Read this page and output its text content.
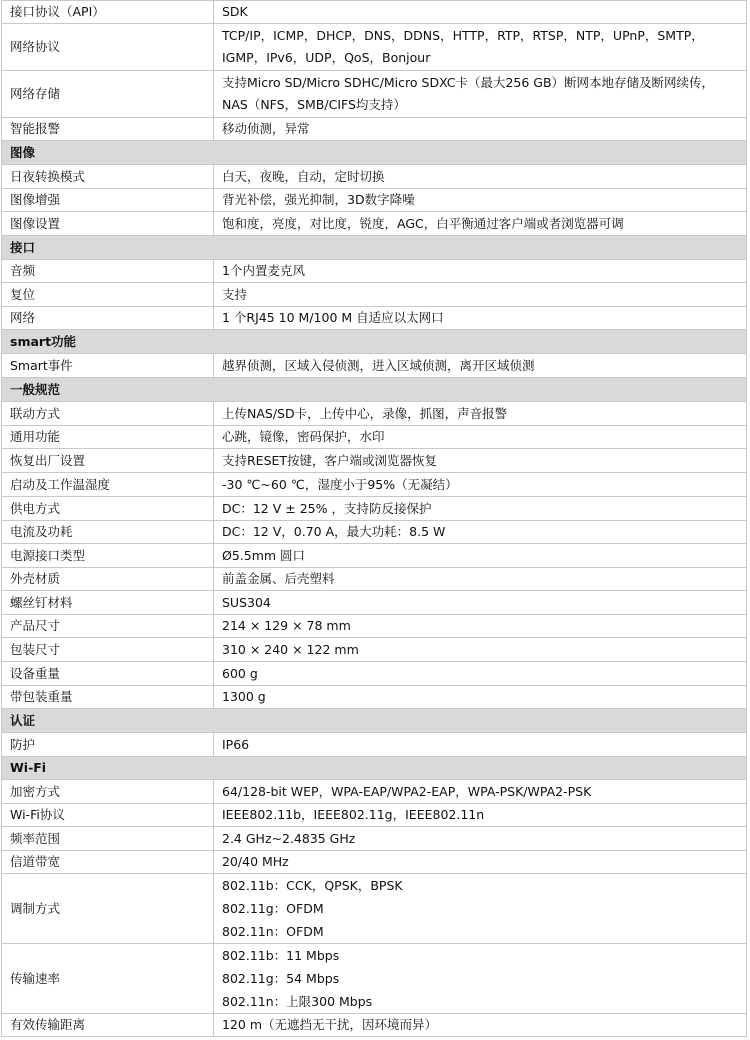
接口协议（API）	SDK
网络协议	TCP/IP，ICMP，DHCP，DNS，DDNS，HTTP，RTP，RTSP，NTP，UPnP，SMTP，IGMP，IPv6，UDP，QoS，Bonjour
网络存储	支持Micro SD/Micro SDHC/Micro SDXC卡（最大256 GB）断网本地存储及断网续传，NAS（NFS，SMB/CIFS均支持）
智能报警	移动侦测，异常
图像	
日夜转换模式	白天，夜晚，自动，定时切换
图像增强	背光补偿，强光抑制，3D数字降噪
图像设置	饱和度，亮度，对比度，锐度，AGC，白平衡通过客户端或者浏览器可调
接口	
音频	1个内置麦克风
复位	支持
网络	1 个RJ45 10 M/100 M 自适应以太网口
smart功能	
Smart事件	越界侦测，区域入侵侦测，进入区域侦测，离开区域侦测
一般规范	
联动方式	上传NAS/SD卡，上传中心，录像，抓图，声音报警
通用功能	心跳，镜像，密码保护，水印
恢复出厂设置	支持RESET按键，客户端或浏览器恢复
启动及工作温湿度	-30 ℃~60 ℃，湿度小于95%（无凝结）
供电方式	DC：12 V ± 25% ，支持防反接保护
电流及功耗	DC：12 V，0.70 A，最大功耗：8.5 W
电源接口类型	Ø5.5mm 圆口
外壳材质	前盖金属、后壳塑料
螺丝钉材料	SUS304
产品尺寸	214 × 129 × 78 mm
包装尺寸	310 × 240 × 122 mm
设备重量	600 g
带包装重量	1300 g
认证	
防护	IP66
Wi-Fi	
加密方式	64/128-bit WEP，WPA-EAP/WPA2-EAP，WPA-PSK/WPA2-PSK
Wi-Fi协议	IEEE802.11b，IEEE802.11g，IEEE802.11n
频率范围	2.4 GHz~2.4835 GHz
信道带宽	20/40 MHz
调制方式	802.11b：CCK，QPSK，BPSK
802.11g：OFDM
802.11n：OFDM

传输速率	802.11b：11 Mbps
802.11g：54 Mbps
802.11n：上限300 Mbps

有效传输距离	120 m（无遮挡无干扰，因环境而异）
